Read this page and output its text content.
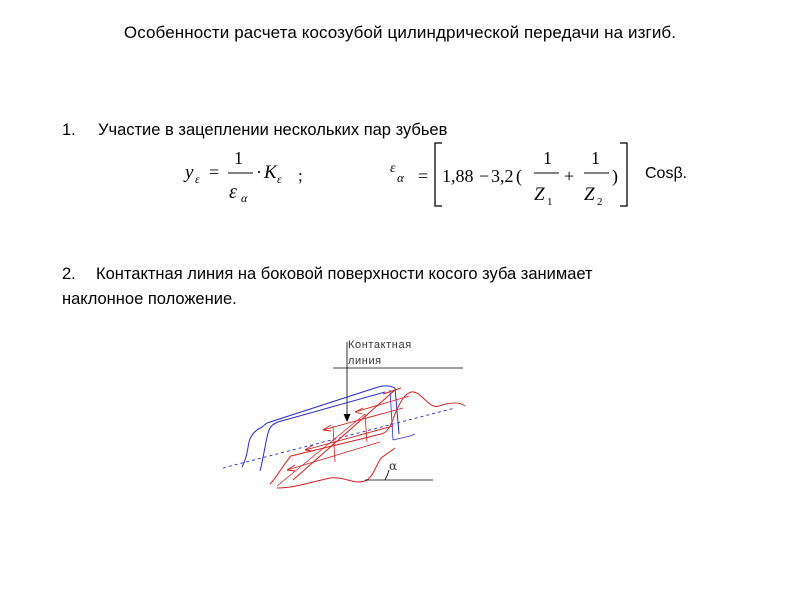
Особенности расчета косозубой цилиндрической передачи на изгиб.
1. Участие в зацеплении нескольких пар зубьев
y ε =
1
ε α
· K ε ;	ε
α = 1,88 − 3,2 (
1
Z 1
+
1
Z 2
) Cosβ.
2. Контактная линия на боковой поверхности косого зуба занимает
наклонное положение.
Контактная
линия
α
